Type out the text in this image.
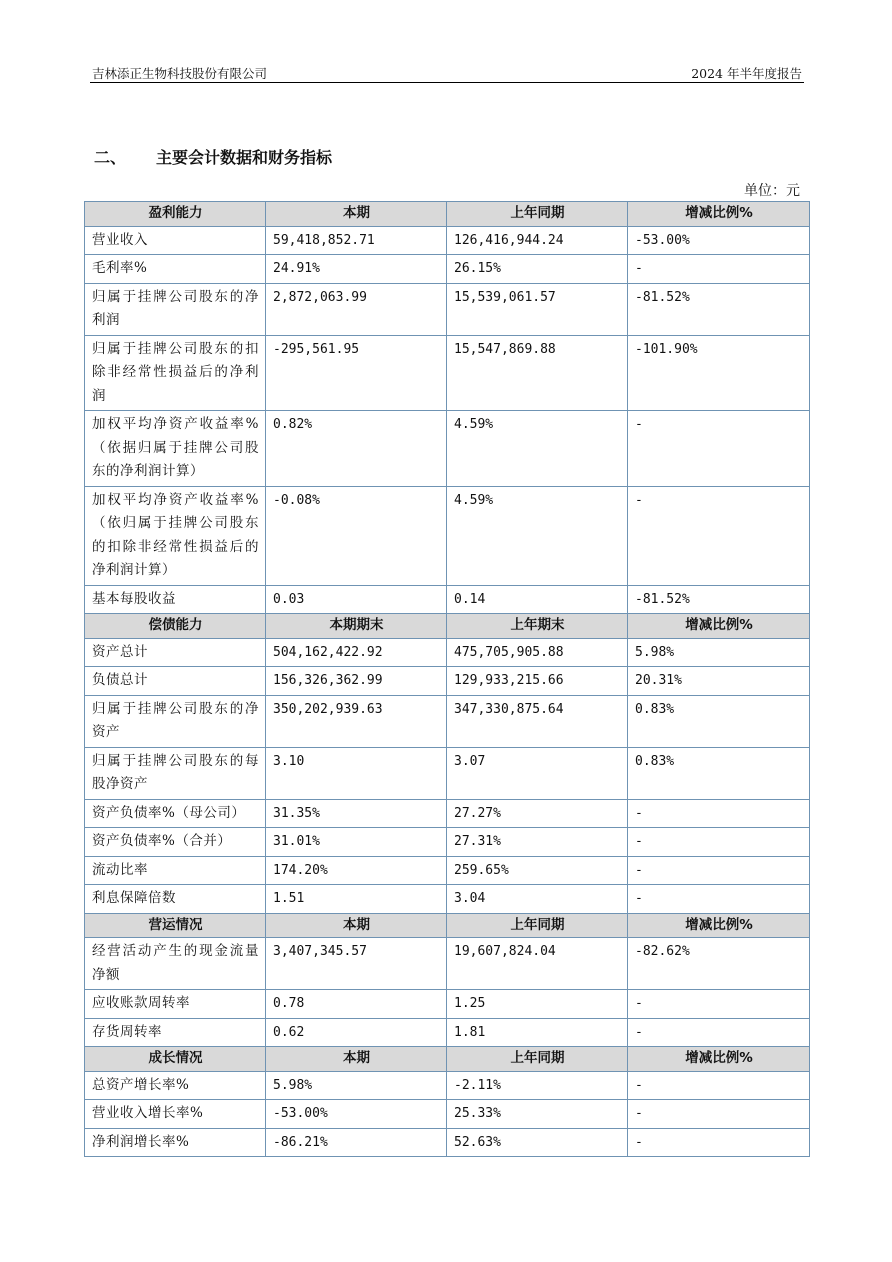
吉林添正生物科技股份有限公司	2024 年半年度报告
二、 主要会计数据和财务指标
单位：元
盈利能力	本期	上年同期	增减比例%
营业收入	59,418,852.71	126,416,944.24	-53.00%
毛利率%	24.91%	26.15%	-
归属于挂牌公司股东的净利润	2,872,063.99	15,539,061.57	-81.52%
归属于挂牌公司股东的扣除非经常性损益后的净利润	-295,561.95	15,547,869.88	-101.90%
加权平均净资产收益率%（依据归属于挂牌公司股东的净利润计算）	0.82%	4.59%	-
加权平均净资产收益率%（依归属于挂牌公司股东的扣除非经常性损益后的净利润计算）	-0.08%	4.59%	-
基本每股收益	0.03	0.14	-81.52%
偿债能力	本期期末	上年期末	增减比例%
资产总计	504,162,422.92	475,705,905.88	5.98%
负债总计	156,326,362.99	129,933,215.66	20.31%
归属于挂牌公司股东的净资产	350,202,939.63	347,330,875.64	0.83%
归属于挂牌公司股东的每股净资产	3.10	3.07	0.83%
资产负债率%（母公司）	31.35%	27.27%	-
资产负债率%（合并）	31.01%	27.31%	-
流动比率	174.20%	259.65%	-
利息保障倍数	1.51	3.04	-
营运情况	本期	上年同期	增减比例%
经营活动产生的现金流量净额	3,407,345.57	19,607,824.04	-82.62%
应收账款周转率	0.78	1.25	-
存货周转率	0.62	1.81	-
成长情况	本期	上年同期	增减比例%
总资产增长率%	5.98%	-2.11%	-
营业收入增长率%	-53.00%	25.33%	-
净利润增长率%	-86.21%	52.63%	-
